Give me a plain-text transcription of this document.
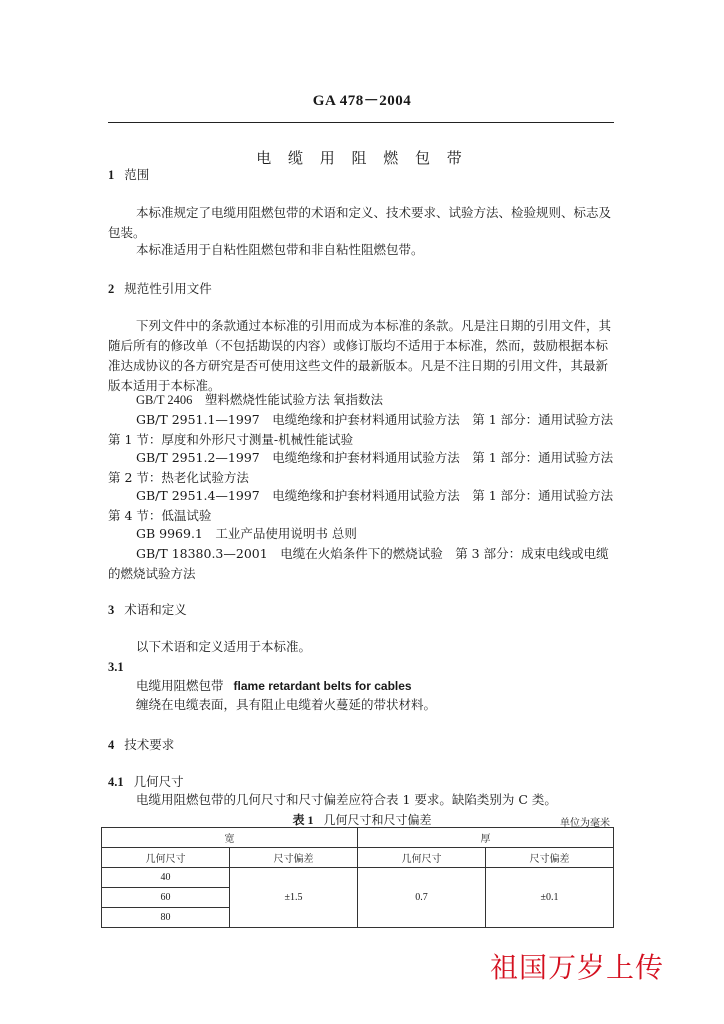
GA 478－2004
电 缆 用 阻 燃 包 带
1 范围
本标准规定了电缆用阻燃包带的术语和定义、技术要求、试验方法、检验规则、标志及包装。
本标准适用于自粘性阻燃包带和非自粘性阻燃包带。
2 规范性引用文件
下列文件中的条款通过本标准的引用而成为本标准的条款。凡是注日期的引用文件，其随后所有的修改单（不包括勘误的内容）或修订版均不适用于本标准，然而，鼓励根据本标准达成协议的各方研究是否可使用这些文件的最新版本。凡是不注日期的引用文件，其最新版本适用于本标准。
GB/T 2406　塑料燃烧性能试验方法 氧指数法
GB/T 2951.1—1997　电缆绝缘和护套材料通用试验方法　第 1 部分：通用试验方法　第 1 节：厚度和外形尺寸测量-机械性能试验
GB/T 2951.2—1997　电缆绝缘和护套材料通用试验方法　第 1 部分：通用试验方法　第 2 节：热老化试验方法
GB/T 2951.4—1997　电缆绝缘和护套材料通用试验方法　第 1 部分：通用试验方法　第 4 节：低温试验
GB 9969.1　工业产品使用说明书 总则
GB/T 18380.3—2001　电缆在火焰条件下的燃烧试验　第 3 部分：成束电线或电缆的燃烧试验方法
3 术语和定义
以下术语和定义适用于本标准。
3.1
电缆用阻燃包带 flame retardant belts for cables
缠绕在电缆表面，具有阻止电缆着火蔓延的带状材料。
4 技术要求
4.1 几何尺寸
电缆用阻燃包带的几何尺寸和尺寸偏差应符合表 1 要求。缺陷类别为 C 类。
表 1 几何尺寸和尺寸偏差	单位为毫米
宽		厚	
几何尺寸	尺寸偏差	几何尺寸	尺寸偏差
40	±1.5	0.7	±0.1
60			
80			
祖国万岁上传
